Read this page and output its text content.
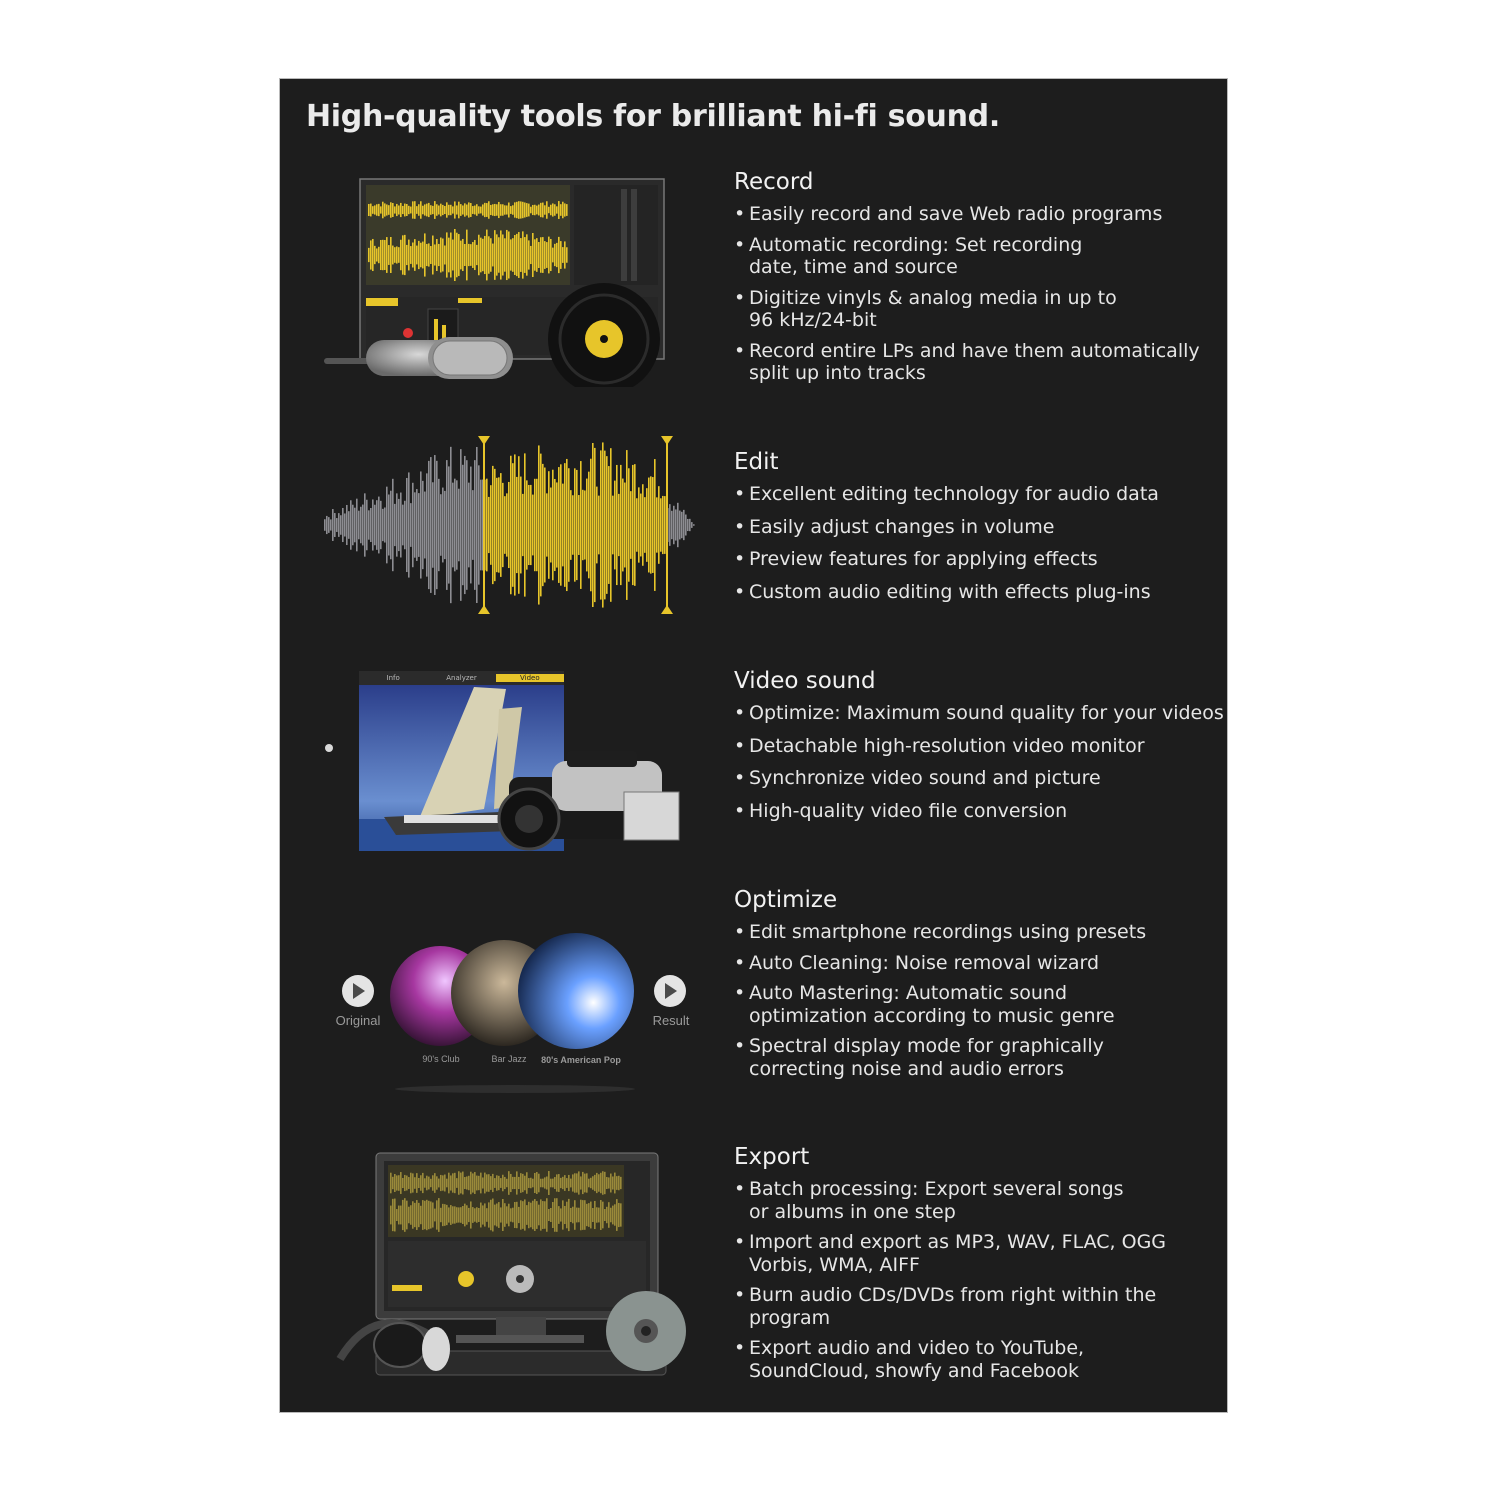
High-quality tools for brilliant hi-fi sound.
Info	Analyzer	Video
Original	Result
90's Club	Bar Jazz 80's American Pop
Record
• Easily record and save Web radio programs
• Automatic recording: Set recording date, time and source
• Digitize vinyls & analog media in up to 96 kHz/24-bit
• Record entire LPs and have them automatically split up into tracks
Edit
• Excellent editing technology for audio data
• Easily adjust changes in volume
• Preview features for applying effects
• Custom audio editing with effects plug-ins
Video sound
• Optimize: Maximum sound quality for your videos
• Detachable high-resolution video monitor
• Synchronize video sound and picture
• High-quality video file conversion
Optimize
• Edit smartphone recordings using presets
• Auto Cleaning: Noise removal wizard
• Auto Mastering: Automatic sound optimization according to music genre
• Spectral display mode for graphically correcting noise and audio errors
Export
• Batch processing: Export several songs or albums in one step
• Import and export as MP3, WAV, FLAC, OGG Vorbis, WMA, AIFF
• Burn audio CDs/DVDs from right within the program
• Export audio and video to YouTube, SoundCloud, showfy and Facebook
